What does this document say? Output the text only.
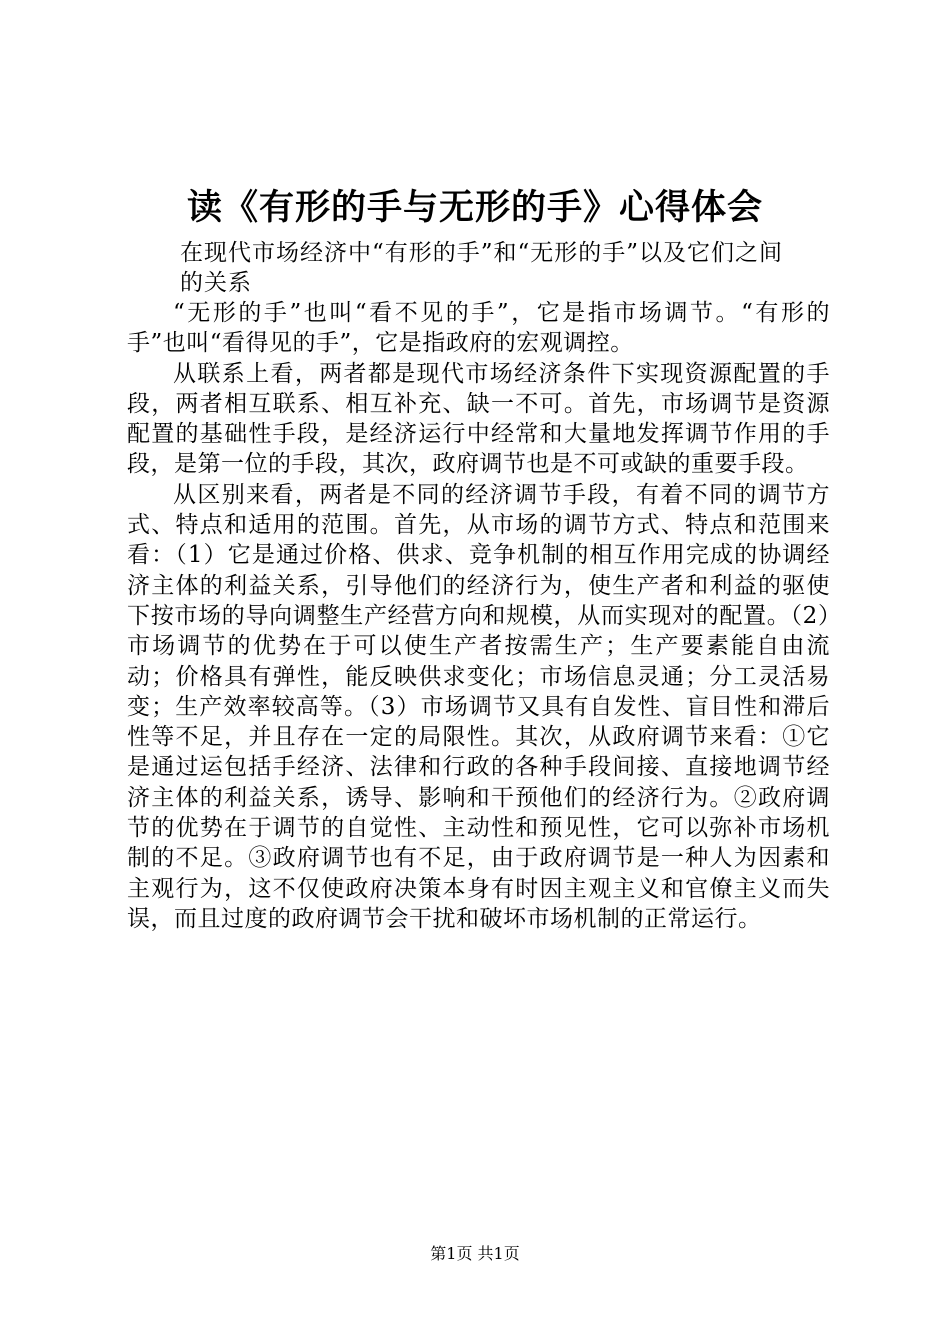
读《有形的手与无形的手》心得体会
在现代市场经济中“有形的手”和“无形的手”以及它们之间的关系

“无形的手”也叫“看不见的手”，它是指市场调节。“有形的手”也叫“看得见的手”，它是指政府的宏观调控。

从联系上看，两者都是现代市场经济条件下实现资源配置的手段，两者相互联系、相互补充、缺一不可。首先，市场调节是资源配置的基础性手段，是经济运行中经常和大量地发挥调节作用的手段，是第一位的手段，其次，政府调节也是不可或缺的重要手段。

从区别来看，两者是不同的经济调节手段，有着不同的调节方式、特点和适用的范围。首先，从市场的调节方式、特点和范围来看：（1）它是通过价格、供求、竞争机制的相互作用完成的协调经济主体的利益关系，引导他们的经济行为，使生产者和利益的驱使下按市场的导向调整生产经营方向和规模，从而实现对的配置。（2）市场调节的优势在于可以使生产者按需生产；生产要素能自由流动；价格具有弹性，能反映供求变化；市场信息灵通；分工灵活易变；生产效率较高等。（3）市场调节又具有自发性、盲目性和滞后性等不足，并且存在一定的局限性。其次，从政府调节来看：①它是通过运包括手经济、法律和行政的各种手段间接、直接地调节经济主体的利益关系，诱导、影响和干预他们的经济行为。②政府调节的优势在于调节的自觉性、主动性和预见性，它可以弥补市场机制的不足。③政府调节也有不足，由于政府调节是一种人为因素和主观行为，这不仅使政府决策本身有时因主观主义和官僚主义而失误，而且过度的政府调节会干扰和破坏市场机制的正常运行。

第1页 共1页
